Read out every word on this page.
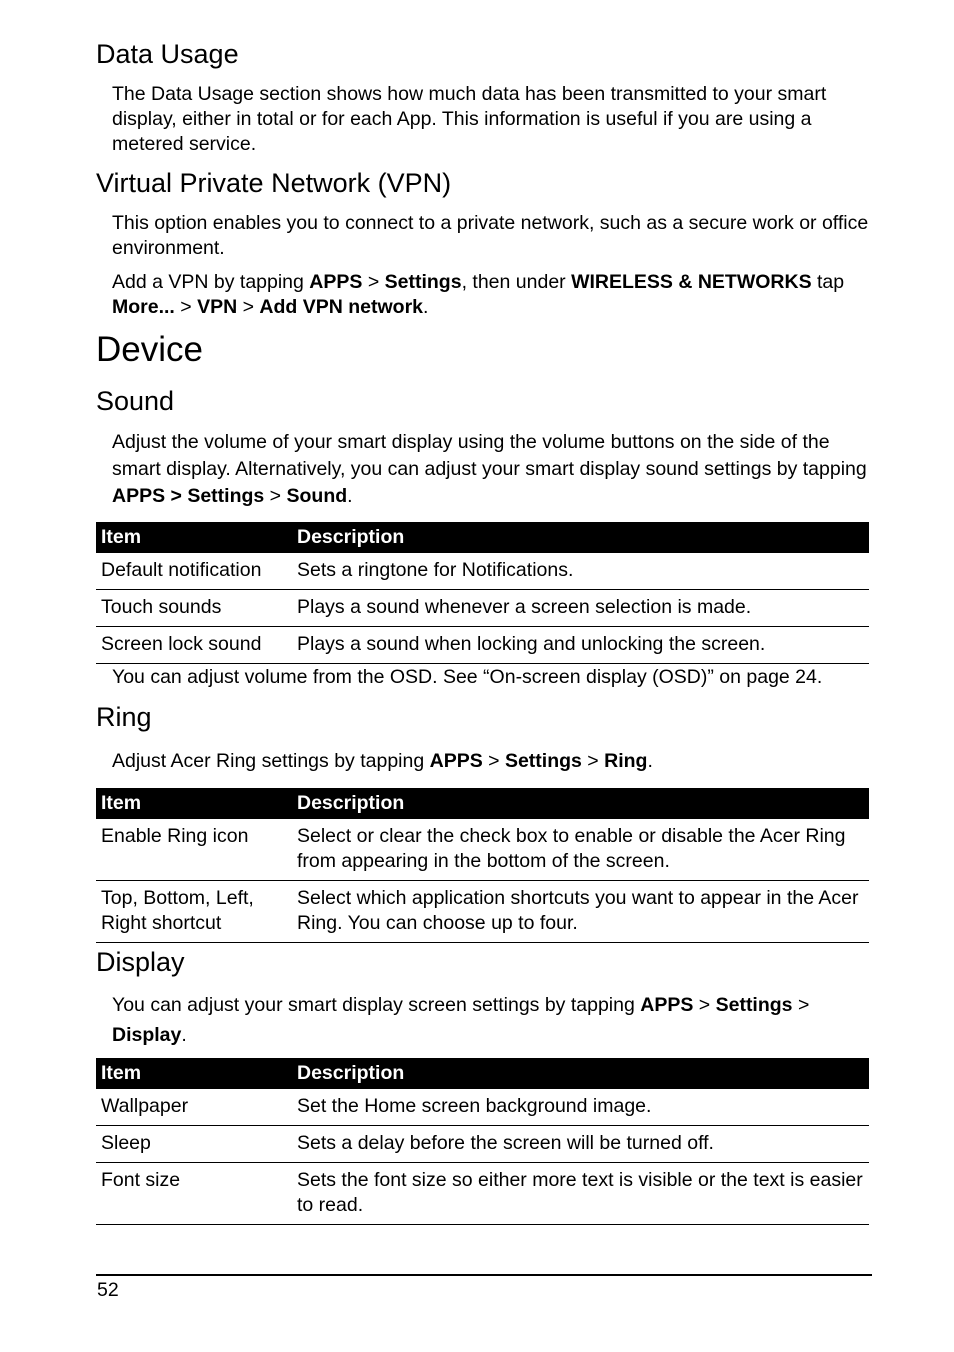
Data Usage

The Data Usage section shows how much data has been transmitted to your smart display, either in total or for each App. This information is useful if you are using a metered service.

Virtual Private Network (VPN)

This option enables you to connect to a private network, such as a secure work or office environment.

Add a VPN by tapping APPS > Settings, then under WIRELESS & NETWORKS tap More... > VPN > Add VPN network.

Device
Sound

Adjust the volume of your smart display using the volume buttons on the side of the smart display. Alternatively, you can adjust your smart display sound settings by tapping APPS > Settings > Sound.

Item	Description
Default notification	Sets a ringtone for Notifications.
Touch sounds	Plays a sound whenever a screen selection is made.
Screen lock sound	Plays a sound when locking and unlocking the screen.

You can adjust volume from the OSD. See “On-screen display (OSD)” on page 24.

Ring

Adjust Acer Ring settings by tapping APPS > Settings > Ring.

Item	Description
Enable Ring icon	Select or clear the check box to enable or disable the Acer Ring from appearing in the bottom of the screen.
Top, Bottom, Left, Right shortcut	Select which application shortcuts you want to appear in the Acer Ring. You can choose up to four.
Display

You can adjust your smart display screen settings by tapping APPS > Settings > Display.

Item	Description
Wallpaper	Set the Home screen background image.
Sleep	Sets a delay before the screen will be turned off.
Font size	Sets the font size so either more text is visible or the text is easier to read.
52
